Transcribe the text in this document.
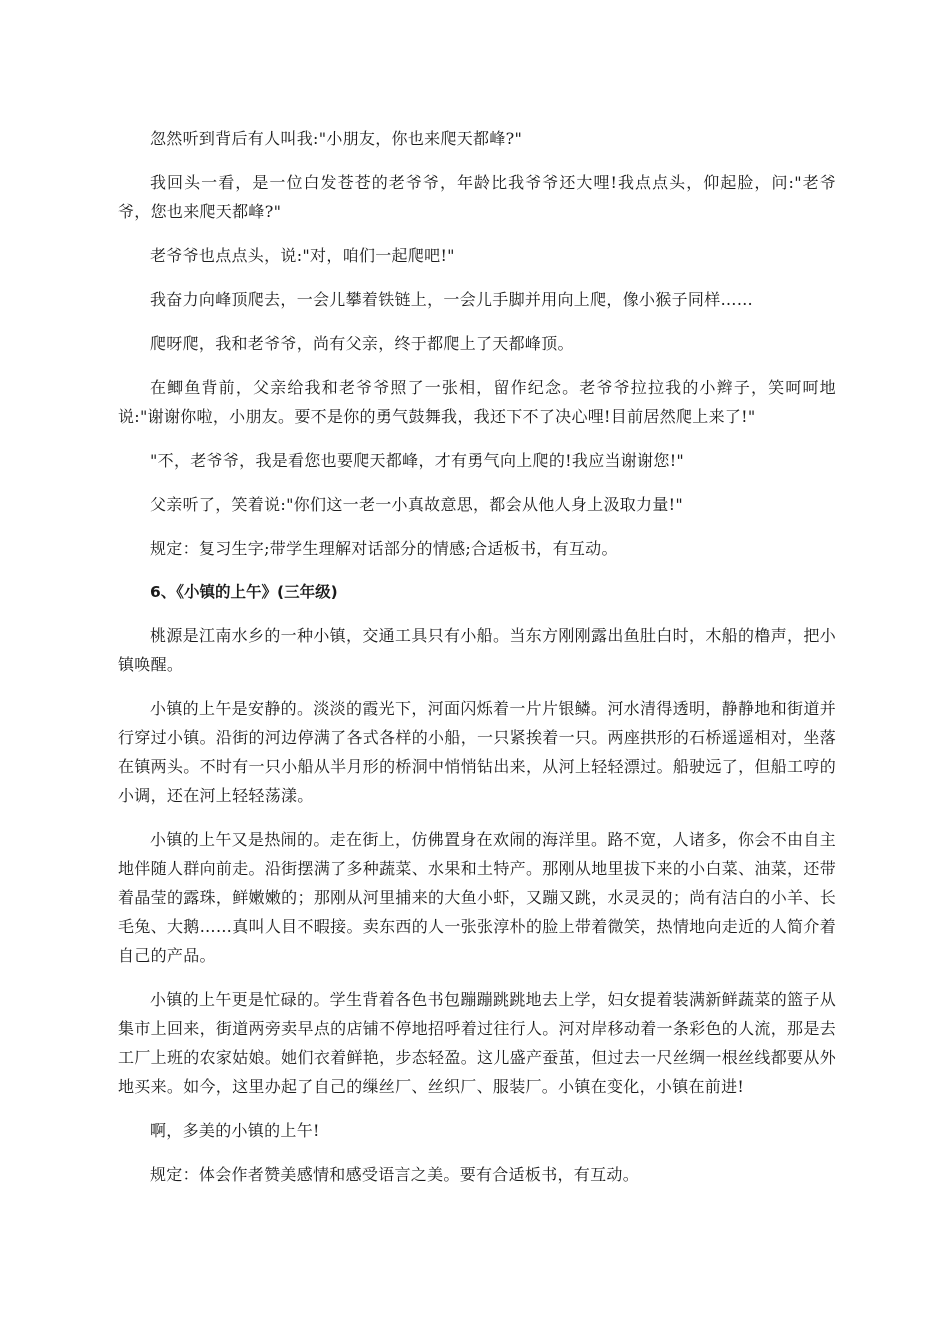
忽然听到背后有人叫我:"小朋友，你也来爬天都峰?"

我回头一看，是一位白发苍苍的老爷爷，年龄比我爷爷还大哩!我点点头，仰起脸，问:"老爷爷，您也来爬天都峰?"

老爷爷也点点头，说:"对，咱们一起爬吧!"

我奋力向峰顶爬去，一会儿攀着铁链上，一会儿手脚并用向上爬，像小猴子同样……

爬呀爬，我和老爷爷，尚有父亲，终于都爬上了天都峰顶。

在鲫鱼背前，父亲给我和老爷爷照了一张相，留作纪念。老爷爷拉拉我的小辫子，笑呵呵地说:"谢谢你啦，小朋友。要不是你的勇气鼓舞我，我还下不了决心哩!目前居然爬上来了!"

"不，老爷爷，我是看您也要爬天都峰，才有勇气向上爬的!我应当谢谢您!"

父亲听了，笑着说:"你们这一老一小真故意思，都会从他人身上汲取力量!"

规定：复习生字;带学生理解对话部分的情感;合适板书，有互动。

6、《小镇的上午》(三年级)

桃源是江南水乡的一种小镇，交通工具只有小船。当东方刚刚露出鱼肚白时，木船的橹声，把小镇唤醒。

小镇的上午是安静的。淡淡的霞光下，河面闪烁着一片片银鳞。河水清得透明，静静地和街道并行穿过小镇。沿街的河边停满了各式各样的小船，一只紧挨着一只。两座拱形的石桥遥遥相对，坐落在镇两头。不时有一只小船从半月形的桥洞中悄悄钻出来，从河上轻轻漂过。船驶远了，但船工哼的小调，还在河上轻轻荡漾。

小镇的上午又是热闹的。走在街上，仿佛置身在欢闹的海洋里。路不宽，人诸多，你会不由自主地伴随人群向前走。沿街摆满了多种蔬菜、水果和土特产。那刚从地里拔下来的小白菜、油菜，还带着晶莹的露珠，鲜嫩嫩的；那刚从河里捕来的大鱼小虾，又蹦又跳，水灵灵的；尚有洁白的小羊、长毛兔、大鹅……真叫人目不暇接。卖东西的人一张张淳朴的脸上带着微笑，热情地向走近的人简介着自己的产品。

小镇的上午更是忙碌的。学生背着各色书包蹦蹦跳跳地去上学，妇女提着装满新鲜蔬菜的篮子从集市上回来，街道两旁卖早点的店铺不停地招呼着过往行人。河对岸移动着一条彩色的人流，那是去工厂上班的农家姑娘。她们衣着鲜艳，步态轻盈。这儿盛产蚕茧，但过去一尺丝绸一根丝线都要从外地买来。如今，这里办起了自己的缫丝厂、丝织厂、服装厂。小镇在变化，小镇在前进!

啊，多美的小镇的上午!

规定：体会作者赞美感情和感受语言之美。要有合适板书，有互动。
